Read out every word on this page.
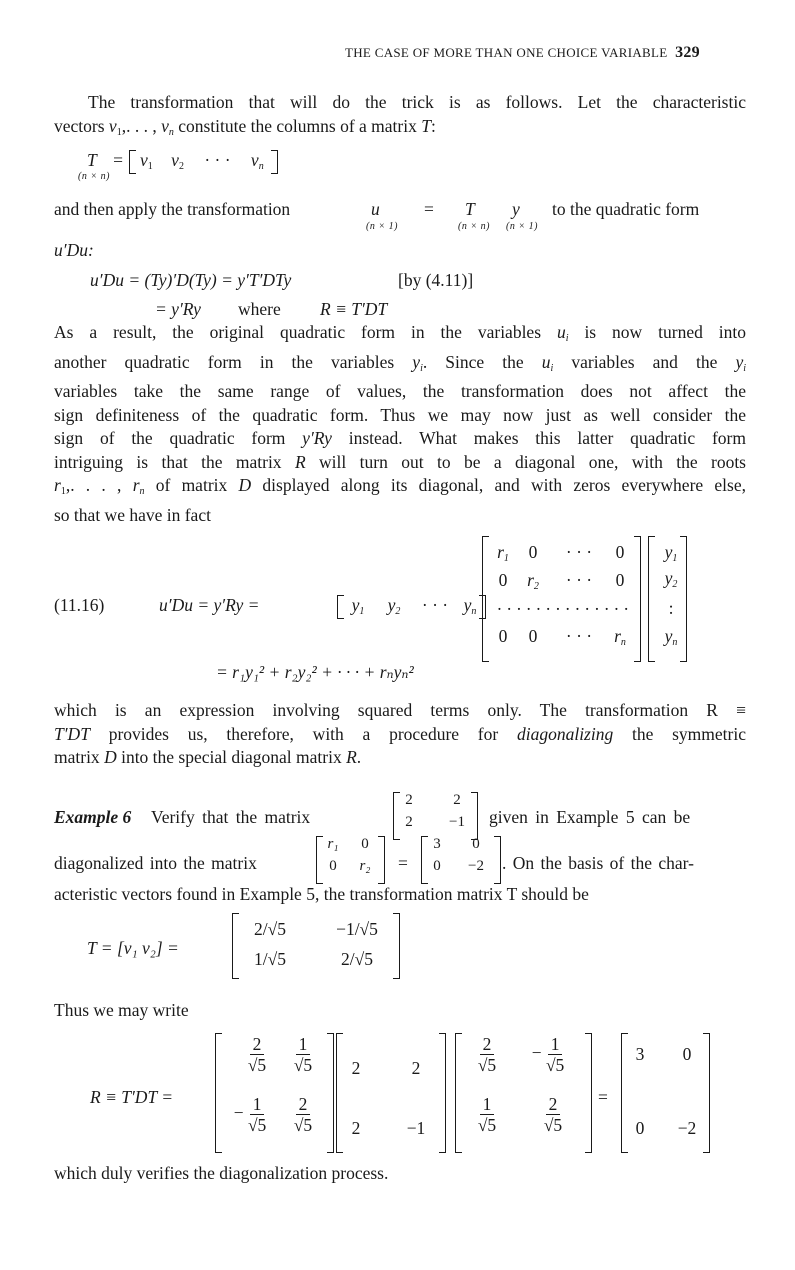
THE CASE OF MORE THAN ONE CHOICE VARIABLE 329
The transformation that will do the trick is as follows. Let the characteristic
vectors $v_1$,. . . , $v_n$ constitute the columns of a matrix T:
T =
(n × n)
$v_1$ $v_2$ · · · $v_n$
and then apply the transformation	u	= T y to the quadratic form
(n × 1)	(n × n) (n × 1)
u′Du:
u′Du = (Ty)′D(Ty) = y′T′DTy	[by (4.11)]
= y′Ry where R ≡ T′DT
As a result, the original quadratic form in the variables $u_i$ is now turned into
another quadratic form in the variables $y_i$. Since the $u_i$ variables and the $y_i$
variables take the same range of values, the transformation does not affect the
sign definiteness of the quadratic form. Thus we may now just as well consider the
sign of the quadratic form y′Ry instead. What makes this latter quadratic form
intriguing is that the matrix R will turn out to be a diagonal one, with the roots
$r_1$,. . . , $r_n$ of matrix D displayed along its diagonal, and with zeros everywhere else,
so that we have in fact
(11.16)	u′Du = y′Ry =	$y_1$ $y_2$ · · · $y_n$
$r_1$	0	· · ·	0
0	$r_2$	· · ·	0
. . . . . . . . . . . . . .
0	0	· · · $r_n$
$y_1$
$y_2$
:
$y_n$
= r₁y₁² + r₂y₂² + · · · + rₙyₙ²
which is an expression involving squared terms only. The transformation R ≡
T′DT provides us, therefore, with a procedure for diagonalizing the symmetric
matrix D into the special diagonal matrix R.
Example 6 Verify that the matrix
2	2
2	−1	given in Example 5 can be
diagonalized into the matrix
r₁	0
0	r₂	=
3	0
0	−2	. On the basis of the char-
acteristic vectors found in Example 5, the transformation matrix T should be
T = [v₁ v₂] =
2/√5	−1/√5
1/√5	2/√5
Thus we may write
R ≡ T′DT =
$\frac{2}{√5} \frac{1}{√5}$
− $\frac{1}{√5} \frac{2}{√5}$
2	2
2	−1
$\frac{2}{√5}$	− $\frac{1}{√5}$
$\frac{1}{√5}$	$\frac{2}{√5}$ =
3	0
0	−2
which duly verifies the diagonalization process.
